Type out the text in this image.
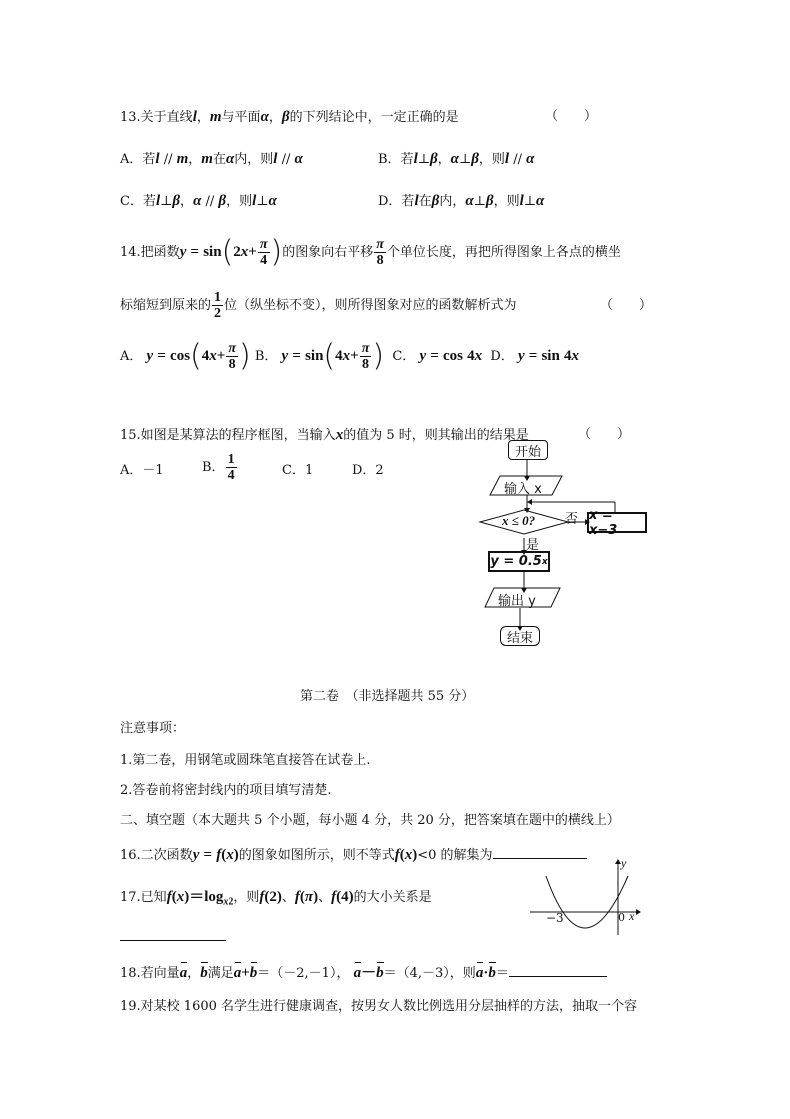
13.关于直线l，m与平面α，β的下列结论中，一定正确的是	（　　）
A．若l // m，m在α内，则l // α	B．若l⊥β，α⊥β，则l // α
C．若l⊥β，α // β，则l⊥α	D．若l在β内，α⊥β，则l⊥α
14.把函数$y = \sin(2x+ \frac{\pi}{4}$ )的图象向右平移 $\frac{\pi}{8}$ 个单位长度，再把所得图象上各点的横坐
标缩短到原来的 $\frac{1}{2}$ 位（纵坐标不变），则所得图象对应的函数解析式为	（　　）
A． $y = \cos(4x+ \frac{\pi}{8}$ ) B． $y = \sin(4x+ \frac{\pi}{8}$ ) C． y = cos 4x D． y = sin 4x
15.如图是某算法的程序框图，当输入x的值为 5 时，则其输出的结果是	（　　）
A．－1	B． $\frac{1}{4}$	C．1	D．2
开始
输入 x
x ≤ 0? 否
是
x = x−3
y = 0.5 x
输出 y
结束
第二卷　（非选择题共 55 分）
注意事项：
1.第二卷，用钢笔或圆珠笔直接答在试卷上.
2.答卷前将密封线内的项目填写清楚.
二、填空题（本大题共 5 个小题，每小题 4 分，共 20 分，把答案填在题中的横线上）
16.二次函数y = f(x)的图象如图所示，则不等式f(x)<0 的解集为
17.已知$f(x)=\log_{x2}$，则f(2)、f(π)、f(4)的大小关系是
y
x
−3	0
18.若向量a，b满足a+b＝（－2,－1）， a－b＝（4,－3），则a·b＝
19.对某校 1600 名学生进行健康调查，按男女人数比例选用分层抽样的方法，抽取一个容
